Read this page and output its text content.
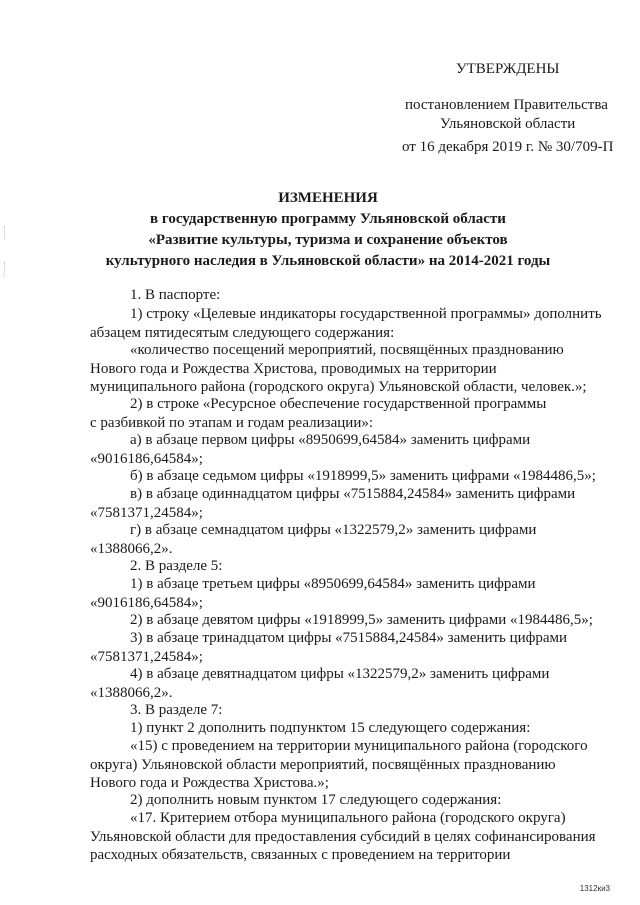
УТВЕРЖДЕНЫ
постановлением Правительства
Ульяновской области
от 16 декабря 2019 г. № 30/709-П
ИЗМЕНЕНИЯ
в государственную программу Ульяновской области
«Развитие культуры, туризма и сохранение объектов
культурного наследия в Ульяновской области» на 2014-2021 годы
1. В паспорте:
1) строку «Целевые индикаторы государственной программы» дополнить
абзацем пятидесятым следующего содержания:
«количество посещений мероприятий, посвящённых празднованию
Нового года и Рождества Христова, проводимых на территории
муниципального района (городского округа) Ульяновской области, человек.»;
2) в строке «Ресурсное обеспечение государственной программы
с разбивкой по этапам и годам реализации»:
а) в абзаце первом цифры «8950699,64584» заменить цифрами
«9016186,64584»;
б) в абзаце седьмом цифры «1918999,5» заменить цифрами «1984486,5»;
в) в абзаце одиннадцатом цифры «7515884,24584» заменить цифрами
«7581371,24584»;
г) в абзаце семнадцатом цифры «1322579,2» заменить цифрами
«1388066,2».
2. В разделе 5:
1) в абзаце третьем цифры «8950699,64584» заменить цифрами
«9016186,64584»;
2) в абзаце девятом цифры «1918999,5» заменить цифрами «1984486,5»;
3) в абзаце тринадцатом цифры «7515884,24584» заменить цифрами
«7581371,24584»;
4) в абзаце девятнадцатом цифры «1322579,2» заменить цифрами
«1388066,2».
3. В разделе 7:
1) пункт 2 дополнить подпунктом 15 следующего содержания:
«15) с проведением на территории муниципального района (городского
округа) Ульяновской области мероприятий, посвящённых празднованию
Нового года и Рождества Христова.»;
2) дополнить новым пунктом 17 следующего содержания:
«17. Критерием отбора муниципального района (городского округа)
Ульяновской области для предоставления субсидий в целях софинансирования
расходных обязательств, связанных с проведением на территории
1312ки3
